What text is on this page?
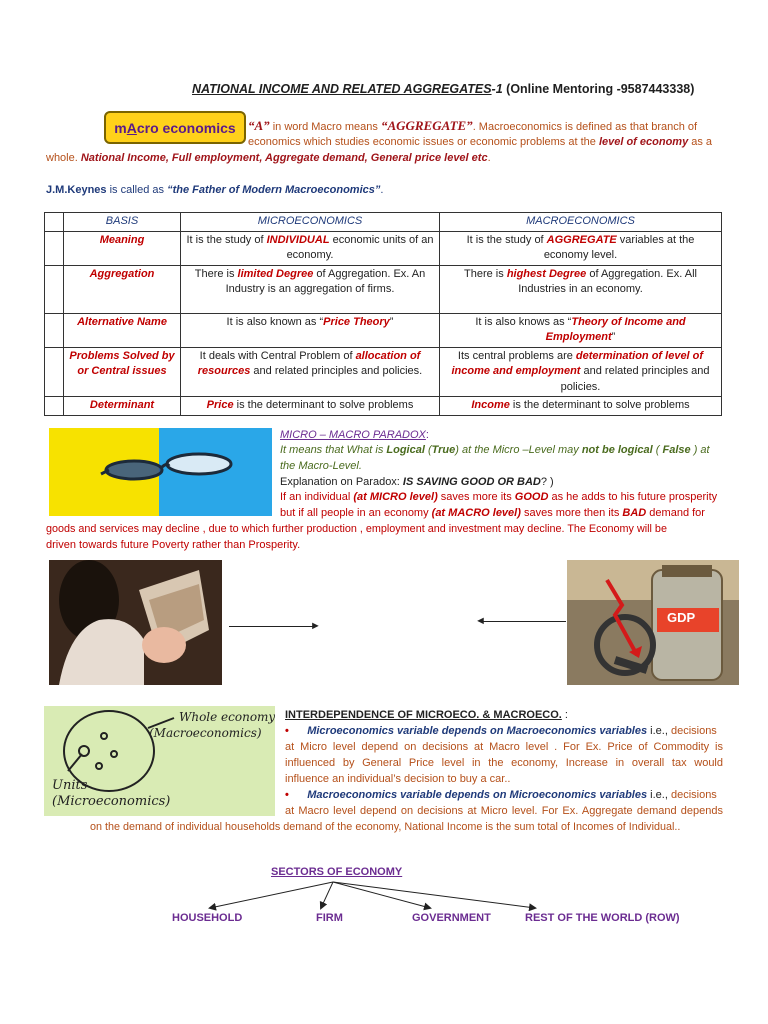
NATIONAL INCOME AND RELATED AGGREGATES-1 (Online Mentoring -9587443338)
m A cro economics “A” in word Macro means “AGGREGATE”. Macroeconomics is defined as that branch of
economics which studies economic issues or economic problems at the level of economy as a
whole. National Income, Full employment, Aggregate demand, General price level etc.
J.M.Keynes is called as “the Father of Modern Macroeconomics”.
	BASIS	MICROECONOMICS	MACROECONOMICS
	Meaning	It is the study of INDIVIDUAL economic units of an economy.	It is the study of AGGREGATE variables at the economy level.
	Aggregation	There is limited Degree of Aggregation. Ex. An Industry is an aggregation of firms.	There is highest Degree of Aggregation. Ex. All Industries in an economy.
	Alternative Name	It is also known as “Price Theory”	It is also knows as “Theory of Income and Employment”
	Problems Solved by or Central issues	It deals with Central Problem of allocation of resources and related principles and policies.	Its central problems are determination of level of income and employment and related principles and policies.
	Determinant	Price is the determinant to solve problems	Income is the determinant to solve problems
MICRO – MACRO PARADOX:
It means that What is Logical (True) at the Micro –Level may not be logical ( False ) at
the Macro-Level.
Explanation on Paradox: IS SAVING GOOD OR BAD? )
If an individual (at MICRO level) saves more its GOOD as he adds to his future prosperity
but if all people in an economy (at MACRO level) saves more then its BAD demand for
goods and services may decline , due to which further production , employment and investment may decline. The Economy will be
driven towards future Poverty rather than Prosperity.
►	◄	GDP
Whole economy
(Macroeconomics)
Units
(Microeconomics)
INTERDEPENDENCE OF MICROECO. & MACROECO. :
• Microeconomics variable depends on Macroeconomics variables i.e., decisions
at Micro level depend on decisions at Macro level . For Ex. Price of Commodity is
influenced by General Price level in the economy, Increase in overall tax would
influence an individual’s decision to buy a car..
• Macroeconomics variable depends on Microeconomics variables i.e., decisions
at Macro level depend on decisions at Micro level. For Ex. Aggregate demand depends
on the demand of individual households demand of the economy, National Income is the sum total of Incomes of Individual..
SECTORS OF ECONOMY
HOUSEHOLD	FIRM	GOVERNMENT	REST OF THE WORLD (ROW)
